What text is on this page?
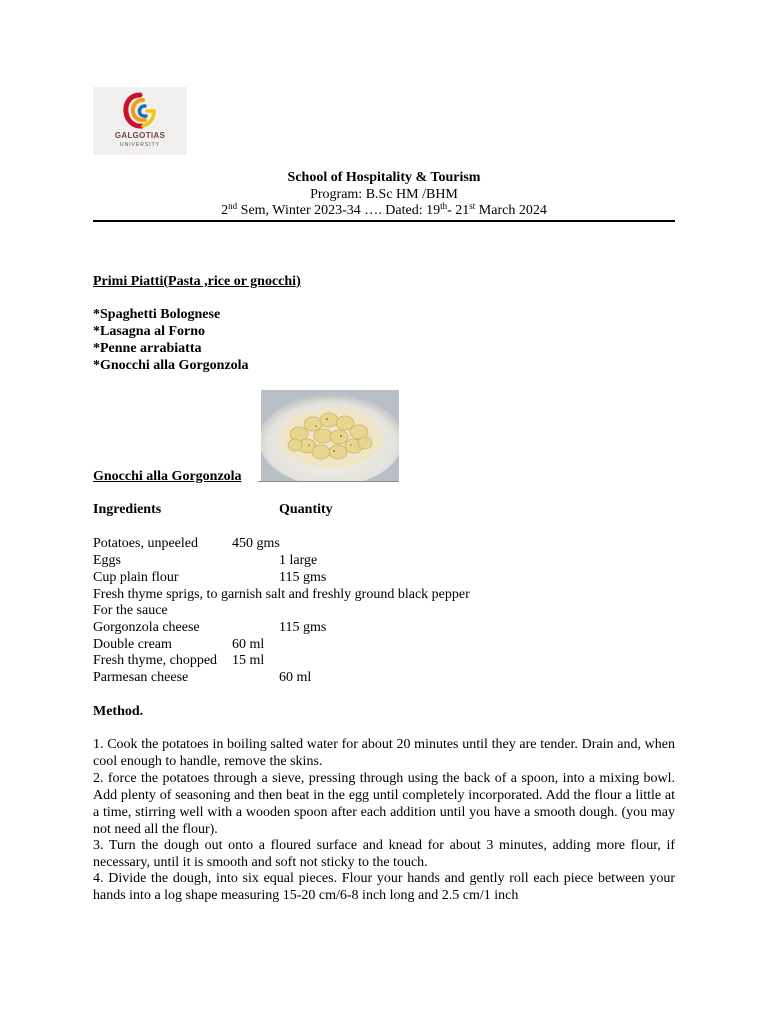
GALGOTIAS
UNIVERSITY
School of Hospitality & Tourism
Program: B.Sc HM /BHM
2nd Sem, Winter 2023-34 …. Dated: 19th- 21st March 2024
Primi Piatti(Pasta ,rice or gnocchi)
*Spaghetti Bolognese
*Lasagna al Forno
*Penne arrabiatta
*Gnocchi alla Gorgonzola
Gnocchi alla Gorgonzola
Ingredients	Quantity
Potatoes, unpeeled 450 gms
Eggs	1 large
Cup plain flour	115 gms
Fresh thyme sprigs, to garnish salt and freshly ground black pepper
For the sauce
Gorgonzola cheese	115 gms
Double cream	60 ml
Fresh thyme, chopped 15 ml
Parmesan cheese	60 ml
Method.
1. Cook the potatoes in boiling salted water for about 20 minutes until they are tender. Drain and, when cool enough to handle, remove the skins.
2. force the potatoes through a sieve, pressing through using the back of a spoon, into a mixing bowl. Add plenty of seasoning and then beat in the egg until completely incorporated. Add the flour a little at a time, stirring well with a wooden spoon after each addition until you have a smooth dough. (you may not need all the flour).
3. Turn the dough out onto a floured surface and knead for about 3 minutes, adding more flour, if necessary, until it is smooth and soft not sticky to the touch.
4. Divide the dough, into six equal pieces. Flour your hands and gently roll each piece between your hands into a log shape measuring 15-20 cm/6-8 inch long and 2.5 cm/1 inch
